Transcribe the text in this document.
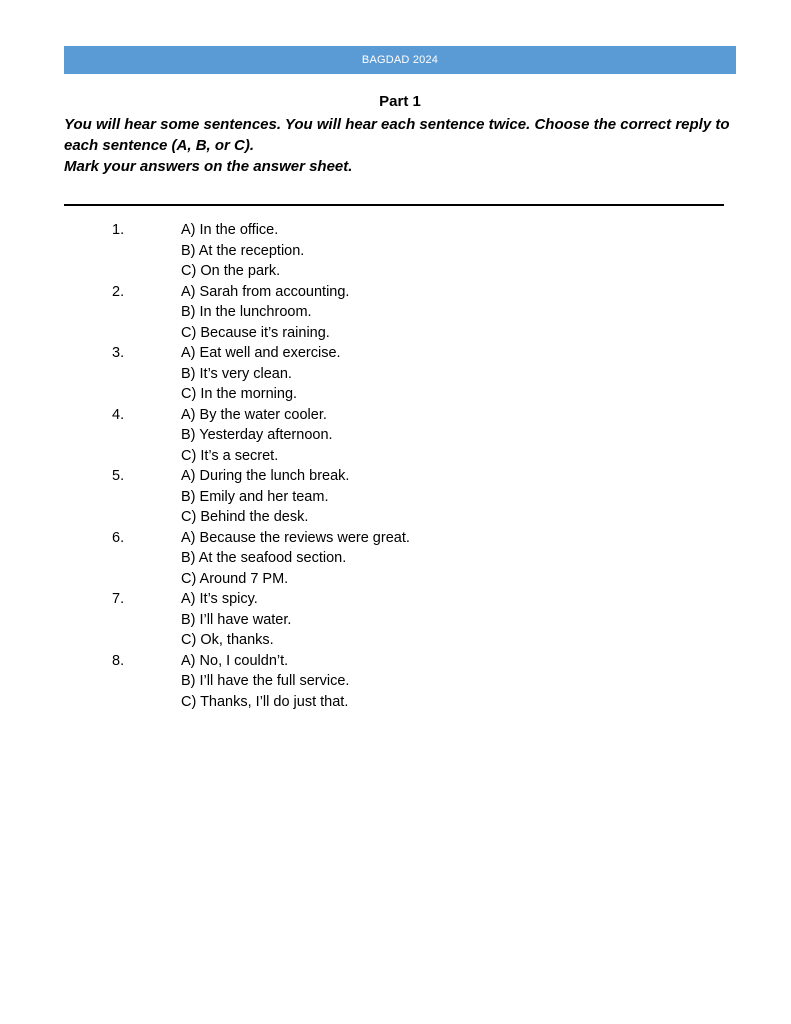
BAGDAD 2024
Part 1

You will hear some sentences. You will hear each sentence twice. Choose the correct reply to each sentence (A, B, or C).

Mark your answers on the answer sheet.

1.	A) In the office.
B) At the reception.
C) On the park.
2.	A) Sarah from accounting.
B) In the lunchroom.
C) Because it’s raining.
3.	A) Eat well and exercise.
B) It’s very clean.
C) In the morning.
4.	A) By the water cooler.
B) Yesterday afternoon.
C) It’s a secret.
5.	A) During the lunch break.
B) Emily and her team.
C) Behind the desk.
6.	A) Because the reviews were great.
B) At the seafood section.
C) Around 7 PM.
7.	A) It’s spicy.
B) I’ll have water.
C) Ok, thanks.
8.	A) No, I couldn’t.
B) I’ll have the full service.
C) Thanks, I’ll do just that.
